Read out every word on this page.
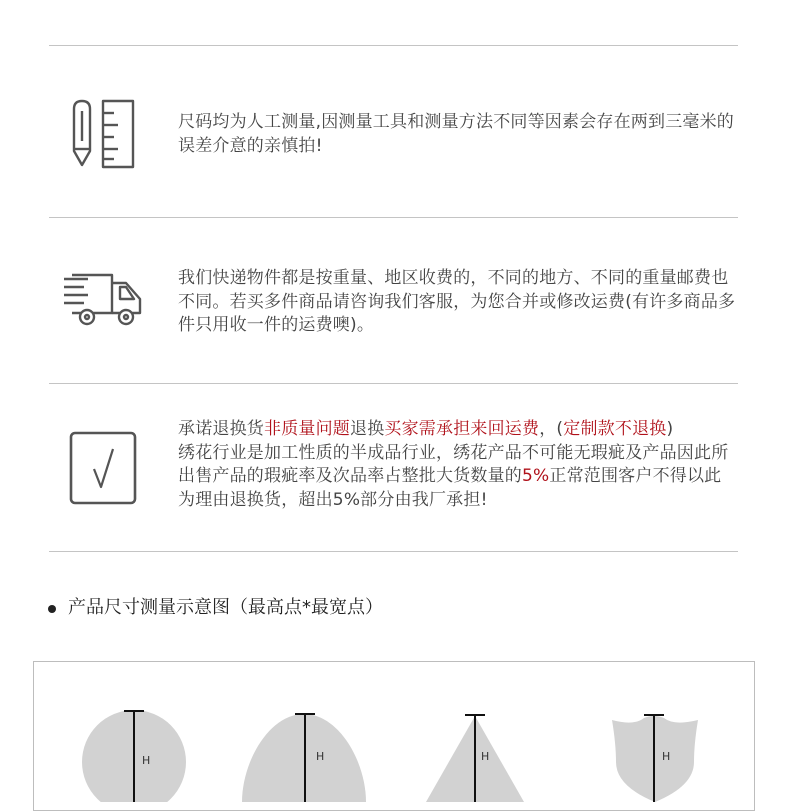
尺码均为人工测量,因测量工具和测量方法不同等因素会存在两到三毫米的误差介意的亲慎拍!

我们快递物件都是按重量、地区收费的，不同的地方、不同的重量邮费也不同。若买多件商品请咨询我们客服，为您合并或修改运费(有许多商品多件只用收一件的运费噢)。

承诺退换货非质量问题退换买家需承担来回运费，(定制款不退换)

绣花行业是加工性质的半成品行业，绣花产品不可能无瑕疵及产品因此所出售产品的瑕疵率及次品率占整批大货数量的5%正常范围客户不得以此为理由退换货，超出5%部分由我厂承担!

产品尺寸测量示意图（最高点*最宽点）
H	H	H	H
